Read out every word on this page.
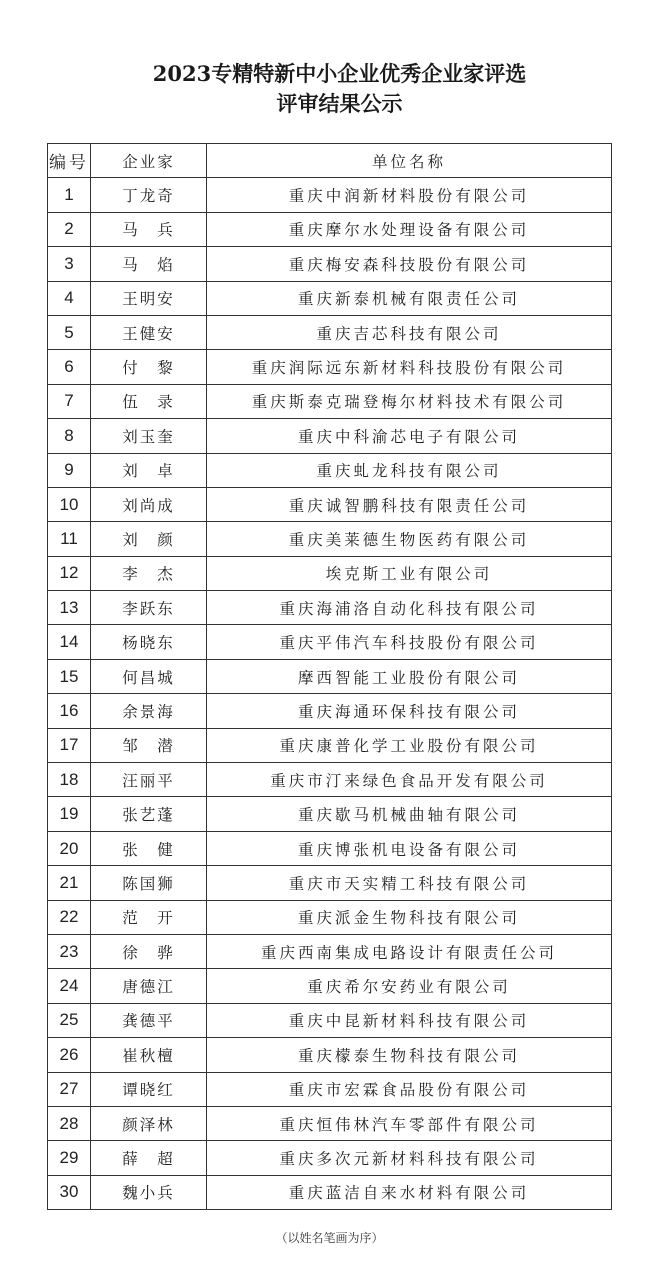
2023专精特新中小企业优秀企业家评选
评审结果公示
编号	企业家	单位名称
1	丁龙奇	重庆中润新材料股份有限公司
2	马　兵	重庆摩尔水处理设备有限公司
3	马　焰	重庆梅安森科技股份有限公司
4	王明安	重庆新泰机械有限责任公司
5	王健安	重庆吉芯科技有限公司
6	付　黎	重庆润际远东新材料科技股份有限公司
7	伍　录	重庆斯泰克瑞登梅尔材料技术有限公司
8	刘玉奎	重庆中科渝芯电子有限公司
9	刘　卓	重庆虬龙科技有限公司
10	刘尚成	重庆诚智鹏科技有限责任公司
11	刘　颜	重庆美莱德生物医药有限公司
12	李　杰	埃克斯工业有限公司
13	李跃东	重庆海浦洛自动化科技有限公司
14	杨晓东	重庆平伟汽车科技股份有限公司
15	何昌城	摩西智能工业股份有限公司
16	余景海	重庆海通环保科技有限公司
17	邹　潜	重庆康普化学工业股份有限公司
18	汪丽平	重庆市汀来绿色食品开发有限公司
19	张艺蓬	重庆歇马机械曲轴有限公司
20	张　健	重庆博张机电设备有限公司
21	陈国狮	重庆市天实精工科技有限公司
22	范　开	重庆派金生物科技有限公司
23	徐　骅	重庆西南集成电路设计有限责任公司
24	唐德江	重庆希尔安药业有限公司
25	龚德平	重庆中昆新材料科技有限公司
26	崔秋檀	重庆檬泰生物科技有限公司
27	谭晓红	重庆市宏霖食品股份有限公司
28	颜泽林	重庆恒伟林汽车零部件有限公司
29	薛　超	重庆多次元新材料科技有限公司
30	魏小兵	重庆蓝洁自来水材料有限公司
（以姓名笔画为序）
